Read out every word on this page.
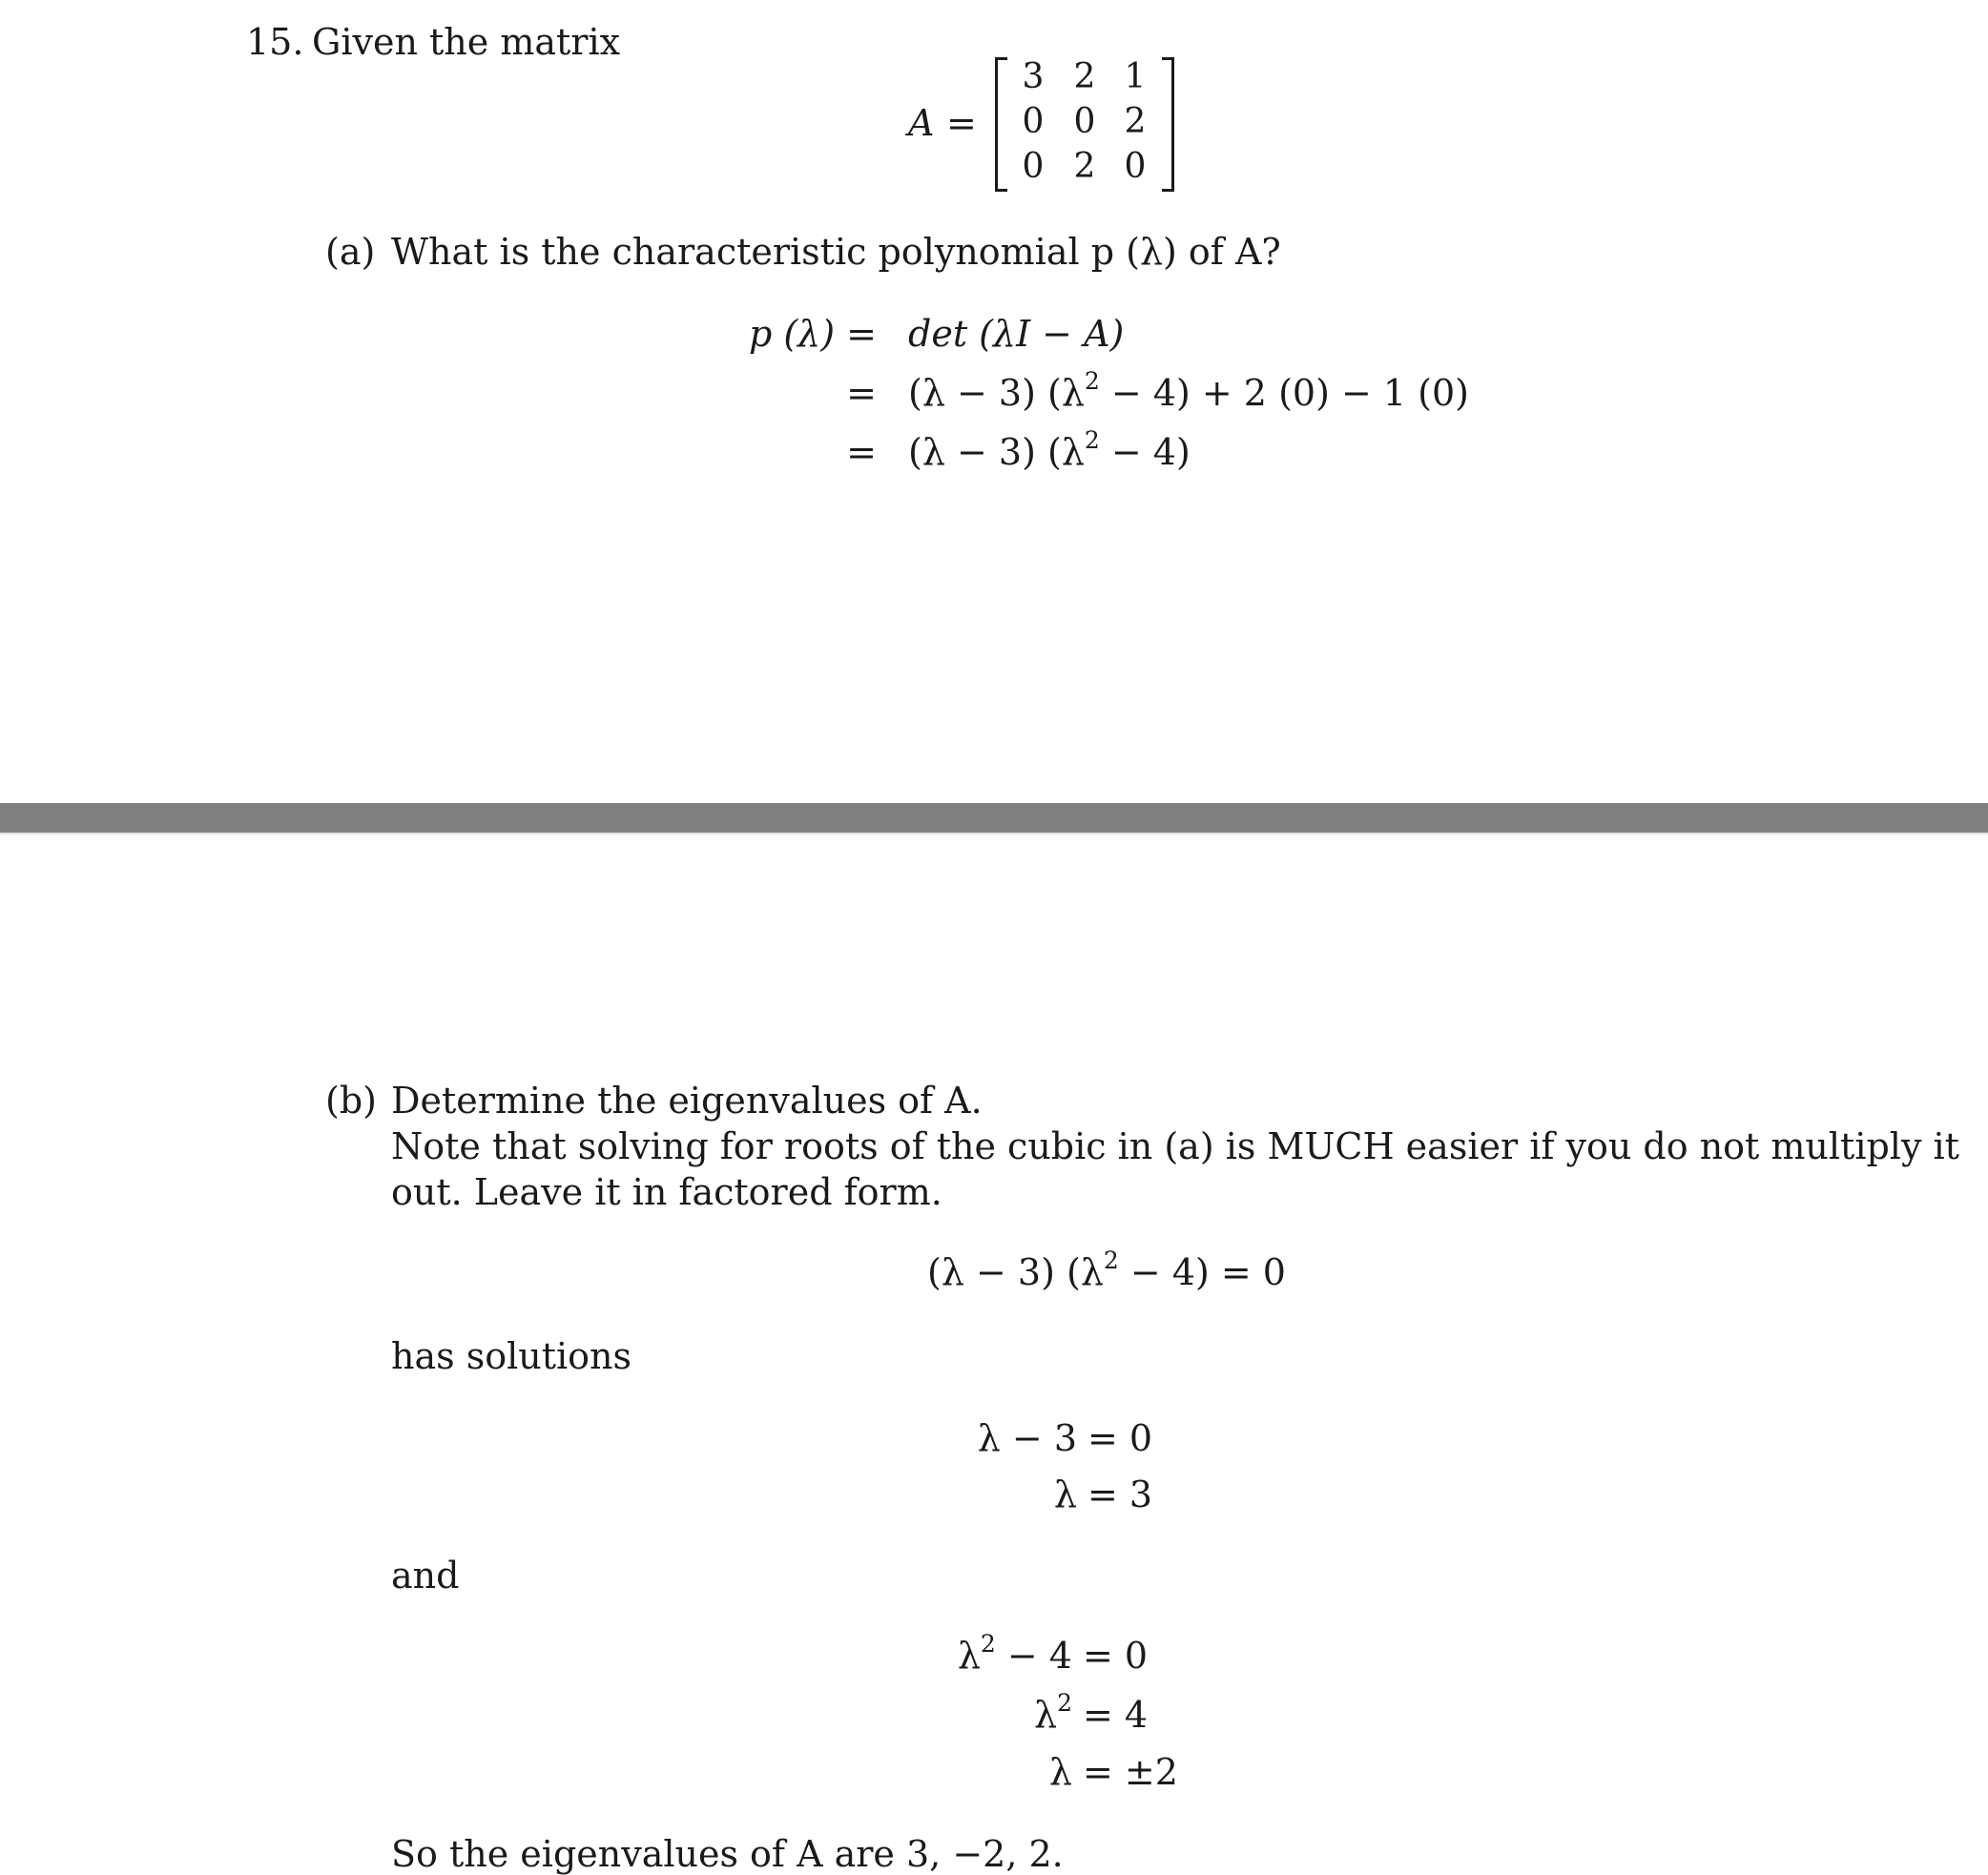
15. Given the matrix
A =
3 2 1
0 0 2
0 2 0
(a) What is the characteristic polynomial p (λ) of A?
p (λ) = det (λI − A)
= (λ − 3) $(\lambda^2 - 4) + 2$ (0) − 1 (0)
= (λ − 3) $(\lambda^2 - 4)$
(b) Determine the eigenvalues of A.
Note that solving for roots of the cubic in (a) is MUCH easier if you do not multiply it
out. Leave it in factored form.
(λ − 3) $(\lambda^2 - 4) = 0$
has solutions
λ − 3 = 0
λ = 3
and
$\lambda^2 - 4 = 0$
$\lambda^2 = 4$
λ = ±2
So the eigenvalues of A are 3, −2, 2.
